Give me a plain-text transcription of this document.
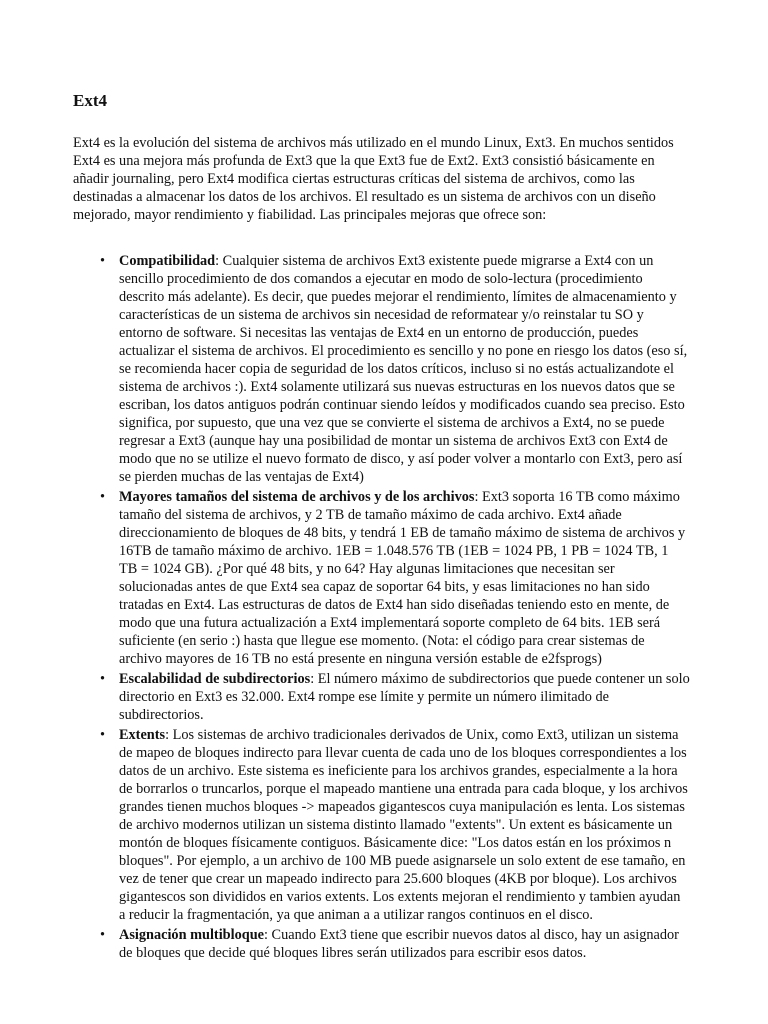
Ext4

Ext4 es la evolución del sistema de archivos más utilizado en el mundo Linux, Ext3. En muchos sentidos Ext4 es una mejora más profunda de Ext3 que la que Ext3 fue de Ext2. Ext3 consistió básicamente en añadir journaling, pero Ext4 modifica ciertas estructuras críticas del sistema de archivos, como las destinadas a almacenar los datos de los archivos. El resultado es un sistema de archivos con un diseño mejorado, mayor rendimiento y fiabilidad. Las principales mejoras que ofrece son:

• Compatibilidad: Cualquier sistema de archivos Ext3 existente puede migrarse a Ext4 con un sencillo procedimiento de dos comandos a ejecutar en modo de solo-lectura (procedimiento descrito más adelante). Es decir, que puedes mejorar el rendimiento, límites de almacenamiento y características de un sistema de archivos sin necesidad de reformatear y/o reinstalar tu SO y entorno de software. Si necesitas las ventajas de Ext4 en un entorno de producción, puedes actualizar el sistema de archivos. El procedimiento es sencillo y no pone en riesgo los datos (eso sí, se recomienda hacer copia de seguridad de los datos críticos, incluso si no estás actualizandote el sistema de archivos :). Ext4 solamente utilizará sus nuevas estructuras en los nuevos datos que se escriban, los datos antiguos podrán continuar siendo leídos y modificados cuando sea preciso. Esto significa, por supuesto, que una vez que se convierte el sistema de archivos a Ext4, no se puede regresar a Ext3 (aunque hay una posibilidad de montar un sistema de archivos Ext3 con Ext4 de modo que no se utilize el nuevo formato de disco, y así poder volver a montarlo con Ext3, pero así se pierden muchas de las ventajas de Ext4)
• Mayores tamaños del sistema de archivos y de los archivos: Ext3 soporta 16 TB como máximo tamaño del sistema de archivos, y 2 TB de tamaño máximo de cada archivo. Ext4 añade direccionamiento de bloques de 48 bits, y tendrá 1 EB de tamaño máximo de sistema de archivos y 16TB de tamaño máximo de archivo. 1EB = 1.048.576 TB (1EB = 1024 PB, 1 PB = 1024 TB, 1 TB = 1024 GB). ¿Por qué 48 bits, y no 64? Hay algunas limitaciones que necesitan ser solucionadas antes de que Ext4 sea capaz de soportar 64 bits, y esas limitaciones no han sido tratadas en Ext4. Las estructuras de datos de Ext4 han sido diseñadas teniendo esto en mente, de modo que una futura actualización a Ext4 implementará soporte completo de 64 bits. 1EB será suficiente (en serio :) hasta que llegue ese momento. (Nota: el código para crear sistemas de archivo mayores de 16 TB no está presente en ninguna versión estable de e2fsprogs)
• Escalabilidad de subdirectorios: El número máximo de subdirectorios que puede contener un solo directorio en Ext3 es 32.000. Ext4 rompe ese límite y permite un número ilimitado de subdirectorios.
• Extents: Los sistemas de archivo tradicionales derivados de Unix, como Ext3, utilizan un sistema de mapeo de bloques indirecto para llevar cuenta de cada uno de los bloques correspondientes a los datos de un archivo. Este sistema es ineficiente para los archivos grandes, especialmente a la hora de borrarlos o truncarlos, porque el mapeado mantiene una entrada para cada bloque, y los archivos grandes tienen muchos bloques -> mapeados gigantescos cuya manipulación es lenta. Los sistemas de archivo modernos utilizan un sistema distinto llamado "extents". Un extent es básicamente un montón de bloques físicamente contiguos. Básicamente dice: "Los datos están en los próximos n bloques". Por ejemplo, a un archivo de 100 MB puede asignarsele un solo extent de ese tamaño, en vez de tener que crear un mapeado indirecto para 25.600 bloques (4KB por bloque). Los archivos gigantescos son divididos en varios extents. Los extents mejoran el rendimiento y tambien ayudan a reducir la fragmentación, ya que animan a a utilizar rangos continuos en el disco.
• Asignación multibloque: Cuando Ext3 tiene que escribir nuevos datos al disco, hay un asignador de bloques que decide qué bloques libres serán utilizados para escribir esos datos.
